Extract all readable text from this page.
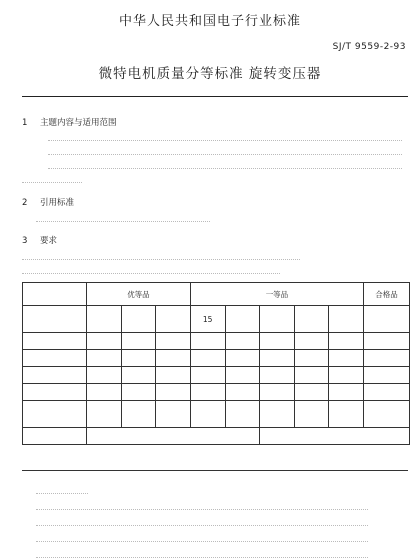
中华人民共和国电子行业标准
SJ/T 9559-2-93
微特电机质量分等标准 旋转变压器
1 主题内容与适用范围
2 引用标准
3 要求
	优等品			一等品					合格品
				15					
